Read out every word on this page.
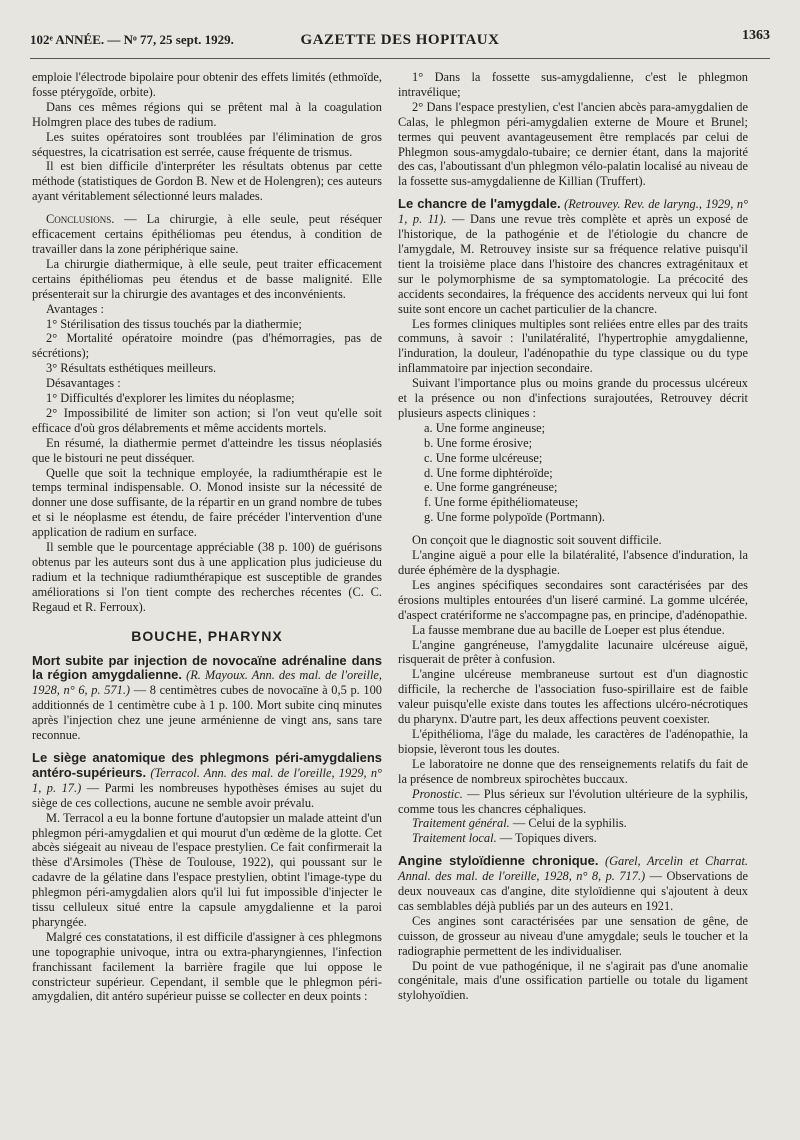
102ᵉ ANNÉE. — Nᵒ 77, 25 sept. 1929.	GAZETTE DES HOPITAUX	1363

emploie l'électrode bipolaire pour obtenir des effets limités (ethmoïde, fosse ptérygoïde, orbite).

Dans ces mêmes régions qui se prêtent mal à la coagulation Holmgren place des tubes de radium.

Les suites opératoires sont troublées par l'élimination de gros séquestres, la cicatrisation est serrée, cause fréquente de trismus.

Il est bien difficile d'interpréter les résultats obtenus par cette méthode (statistiques de Gordon B. New et de Holengren); ces auteurs ayant véritablement sélectionné leurs malades.

Conclusions. — La chirurgie, à elle seule, peut réséquer efficacement certains épithéliomas peu étendus, à condition de travailler dans la zone périphérique saine.

La chirurgie diathermique, à elle seule, peut traiter efficacement certains épithéliomas peu étendus et de basse malignité. Elle présenterait sur la chirurgie des avantages et des inconvénients.

Avantages :

1° Stérilisation des tissus touchés par la diathermie;

2° Mortalité opératoire moindre (pas d'hémorragies, pas de sécrétions);

3° Résultats esthétiques meilleurs.

Désavantages :

1° Difficultés d'explorer les limites du néoplasme;

2° Impossibilité de limiter son action; si l'on veut qu'elle soit efficace d'où gros délabrements et même accidents mortels.

En résumé, la diathermie permet d'atteindre les tissus néoplasiés que le bistouri ne peut disséquer.

Quelle que soit la technique employée, la radiumthérapie est le temps terminal indispensable. O. Monod insiste sur la nécessité de donner une dose suffisante, de la répartir en un grand nombre de tubes et si le néoplasme est étendu, de faire précéder l'intervention d'une application de radium en surface.

Il semble que le pourcentage appréciable (38 p. 100) de guérisons obtenus par les auteurs sont dus à une application plus judicieuse du radium et la technique radiumthérapique est susceptible de grandes améliorations si l'on tient compte des recherches récentes (C. C. Regaud et R. Ferroux).

BOUCHE, PHARYNX

Mort subite par injection de novocaïne adrénaline dans la région amygdalienne. (R. Mayoux. Ann. des mal. de l'oreille, 1928, n° 6, p. 571.) — 8 centimètres cubes de novocaïne à 0,5 p. 100 additionnés de 1 centimètre cube à 1 p. 100. Mort subite cinq minutes après l'injection chez une jeune arménienne de vingt ans, sans tare reconnue.

Le siège anatomique des phlegmons péri-amygdaliens antéro-supérieurs. (Terracol. Ann. des mal. de l'oreille, 1929, n° 1, p. 17.) — Parmi les nombreuses hypothèses émises au sujet du siège de ces collections, aucune ne semble avoir prévalu.

M. Terracol a eu la bonne fortune d'autopsier un malade atteint d'un phlegmon péri-amygdalien et qui mourut d'un œdème de la glotte. Cet abcès siégeait au niveau de l'espace prestylien. Ce fait confirmerait la thèse d'Arsimoles (Thèse de Toulouse, 1922), qui poussant sur le cadavre de la gélatine dans l'espace prestylien, obtint l'image-type du phlegmon péri-amygdalien alors qu'il lui fut impossible d'injecter le tissu celluleux situé entre la capsule amygdalienne et la paroi pharyngée.

Malgré ces constatations, il est difficile d'assigner à ces phlegmons une topographie univoque, intra ou extra-pharyngiennes, l'infection franchissant facilement la barrière fragile que lui oppose le constricteur supérieur. Cependant, il semble que le phlegmon péri-amygdalien, dit antéro supérieur puisse se collecter en deux points :

1° Dans la fossette sus-amygdalienne, c'est le phlegmon intravélique;

2° Dans l'espace prestylien, c'est l'ancien abcès para-amygdalien de Calas, le phlegmon péri-amygdalien externe de Moure et Brunel; termes qui peuvent avantageusement être remplacés par celui de Phlegmon sous-amygdalo-tubaire; ce dernier étant, dans la majorité des cas, l'aboutissant d'un phlegmon vélo-palatin localisé au niveau de la fossette sus-amygdalienne de Killian (Truffert).

Le chancre de l'amygdale. (Retrouvey. Rev. de laryng., 1929, n° 1, p. 11). — Dans une revue très complète et après un exposé de l'historique, de la pathogénie et de l'étiologie du chancre de l'amygdale, M. Retrouvey insiste sur sa fréquence relative puisqu'il tient la troisième place dans l'histoire des chancres extragénitaux et sur le polymorphisme de sa symptomatologie. La précocité des accidents secondaires, la fréquence des accidents nerveux qui lui font suite sont encore un cachet particulier de la chancre.

Les formes cliniques multiples sont reliées entre elles par des traits communs, à savoir : l'unilatéralité, l'hypertrophie amygdalienne, l'induration, la douleur, l'adénopathie du type classique ou du type inflammatoire par injection secondaire.

Suivant l'importance plus ou moins grande du processus ulcéreux et la présence ou non d'infections surajoutées, Retrouvey décrit plusieurs aspects cliniques :

a. Une forme angineuse;

b. Une forme érosive;

c. Une forme ulcéreuse;

d. Une forme diphtéroïde;

e. Une forme gangréneuse;

f. Une forme épithéliomateuse;

g. Une forme polypoïde (Portmann).

On conçoit que le diagnostic soit souvent difficile.

L'angine aiguë a pour elle la bilatéralité, l'absence d'induration, la durée éphémère de la dysphagie.

Les angines spécifiques secondaires sont caractérisées par des érosions multiples entourées d'un liseré carminé. La gomme ulcérée, d'aspect cratériforme ne s'accompagne pas, en principe, d'adénopathie.

La fausse membrane due au bacille de Loeper est plus étendue.

L'angine gangréneuse, l'amygdalite lacunaire ulcéreuse aiguë, risquerait de prêter à confusion.

L'angine ulcéreuse membraneuse surtout est d'un diagnostic difficile, la recherche de l'association fuso-spirillaire est de faible valeur puisqu'elle existe dans toutes les affections ulcéro-nécrotiques du pharynx. D'autre part, les deux affections peuvent coexister.

L'épithélioma, l'âge du malade, les caractères de l'adénopathie, la biopsie, lèveront tous les doutes.

Le laboratoire ne donne que des renseignements relatifs du fait de la présence de nombreux spirochètes buccaux.

Pronostic. — Plus sérieux sur l'évolution ultérieure de la syphilis, comme tous les chancres céphaliques.

Traitement général. — Celui de la syphilis.

Traitement local. — Topiques divers.

Angine styloïdienne chronique. (Garel, Arcelin et Charrat. Annal. des mal. de l'oreille, 1928, n° 8, p. 717.) — Observations de deux nouveaux cas d'angine, dite styloïdienne qui s'ajoutent à deux cas semblables déjà publiés par un des auteurs en 1921.

Ces angines sont caractérisées par une sensation de gêne, de cuisson, de grosseur au niveau d'une amygdale; seuls le toucher et la radiographie permettent de les individualiser.

Du point de vue pathogénique, il ne s'agirait pas d'une anomalie congénitale, mais d'une ossification partielle ou totale du ligament stylohyoïdien.
